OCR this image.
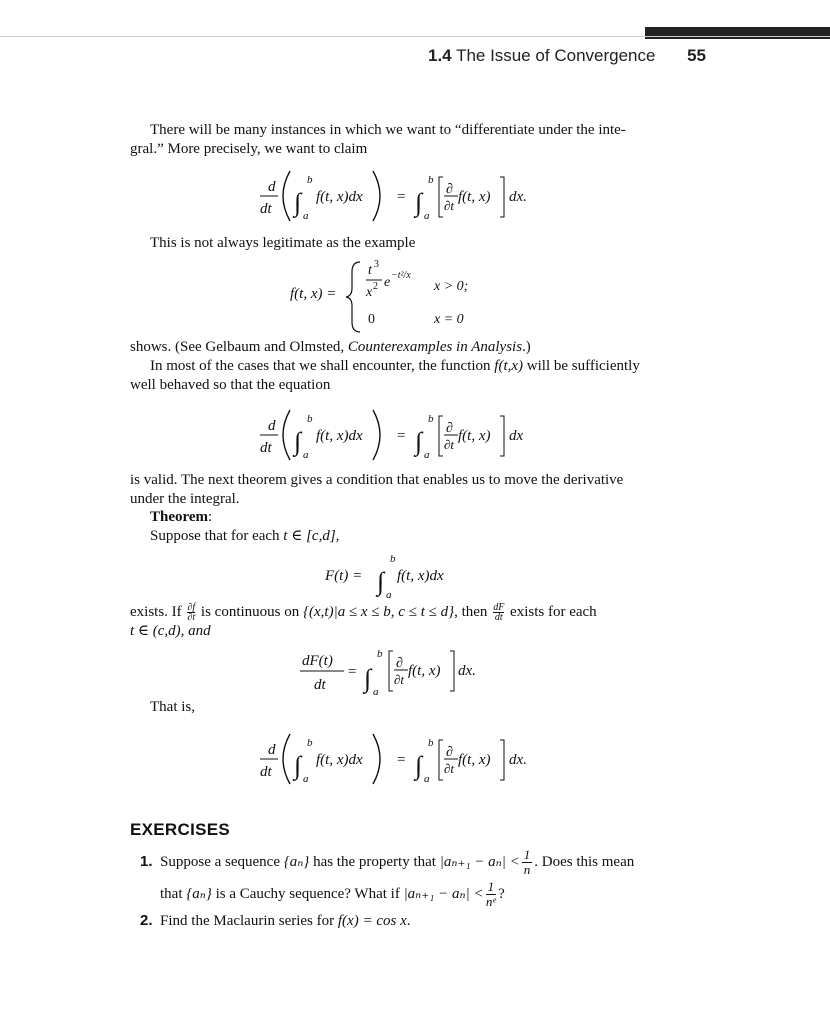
1.4 The Issue of Convergence 55
There will be many instances in which we want to “differentiate under the inte-
gral.” More precisely, we want to claim
d
dt ∫
b
a
f(t, x)dx = ∫
b
a
∂
∂t
f(t, x) dx.
This is not always legitimate as the example
f(t, x) =
t 3
x 2 e −t²/x
x > 0;
0	x = 0
shows. (See Gelbaum and Olmsted, Counterexamples in Analysis.)
In most of the cases that we shall encounter, the function f(t,x) will be sufficiently
well behaved so that the equation
d
dt ∫
b
a
f(t, x)dx = ∫
b
a
∂
∂t
f(t, x) dx
is valid. The next theorem gives a condition that enables us to move the derivative
under the integral.
Theorem:
Suppose that for each t ∈ [c,d],
F(t) = ∫
b
a
f(t, x)dx
exists. If $\frac{\partial f}{\partial t}$ is continuous on {(x,t)|a ≤ x ≤ b, c ≤ t ≤ d}, then $\frac{dF}{dt}$ exists for each
t ∈ (c,d), and
dF(t)
dt
= ∫
b
a
∂
∂t
f(t, x) dx.
That is,
d
dt ∫
b
a
f(t, x)dx = ∫
b
a
∂
∂t
f(t, x) dx.
EXERCISES
1. Suppose a sequence {aₙ} has the property that $|a_{n+1} - a_n| < \frac{1}{n}$ . Does this mean
that {aₙ} is a Cauchy sequence? What if $|a_{n+1} - a_n| < \frac{1}{\text{nᵉ}}$ ?
2. Find the Maclaurin series for f(x) = cos x.
